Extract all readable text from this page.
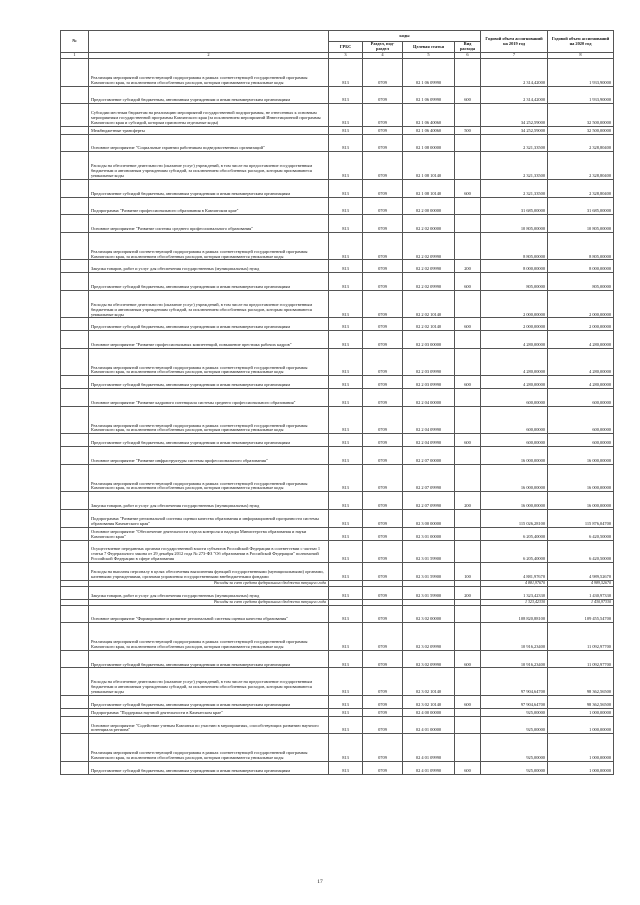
№		коды				Годовой объем ассигнований на 2019 год	Годовой объем ассигнований на 2020 год
		ГРБС	Раздел, под-раздел	Целевая статья	Вид расхода		
1	2	3	4	5	6	7	8
	Реализация мероприятий соответствующей подпрограммы в рамках соответствующей государственной программы Камчатского края, за исключением обособленных расходов, которым присваиваются уникальные коды	813	0709	02 1 06 09990		2 314,42000	1 933,90000
	Предоставление субсидий бюджетным, автономным учреждениям и иным некоммерческим организациям	813	0709	02 1 06 09990	600	2 314,42000	1 933,90000
	Субсидии местным бюджетам на реализацию мероприятий государственной подпрограммы, не отнесенных к основным мероприятиям государственной программы Камчатского края (за исключением мероприятий Инвестиционной программы Камчатского края и субсидий, которым присвоены отдельные коды)	813	0709	02 1 06 40060		34 252,59000	32 500,00000
	Межбюджетные трансферты	813	0709	02 1 06 40060	500	34 252,59000	32 500,00000
	Основное мероприятие "Социальные гарантии работникам подведомственных организаций"	813	0709	02 1 08 00000		2 321,33500	2 328,80400
	Расходы на обеспечение деятельности (оказание услуг) учреждений, в том числе на предоставление государственным бюджетным и автономным учреждениям субсидий, за исключением обособленных расходов, которым присваиваются уникальные коды	813	0709	02 1 08 10140		2 321,33500	2 328,80400
	Предоставление субсидий бюджетным, автономным учреждениям и иным некоммерческим организациям	813	0709	02 1 08 10140	600	2 321,33500	2 328,80400
	Подпрограмма "Развитие профессионального образования в Камчатском крае"	813	0709	02 2 00 00000		31 685,00000	31 685,00000
	Основное мероприятие "Развитие системы среднего профессионального образования"	813	0709	02 2 02 00000		10 805,00000	10 805,00000
	Реализация мероприятий соответствующей подпрограммы в рамках соответствующей государственной программы Камчатского края, за исключением обособленных расходов, которым присваиваются уникальные коды	813	0709	02 2 02 09990		8 805,00000	8 805,00000
	Закупка товаров, работ и услуг для обеспечения государственных (муниципальных) нужд	813	0709	02 2 02 09990	200	8 000,00000	8 000,00000
	Предоставление субсидий бюджетным, автономным учреждениям и иным некоммерческим организациям	813	0709	02 2 02 09990	600	805,00000	805,00000
	Расходы на обеспечение деятельности (оказание услуг) учреждений, в том числе на предоставление государственным бюджетным и автономным учреждениям субсидий, за исключением обособленных расходов, которым присваиваются уникальные коды	813	0709	02 2 02 10140		2 000,00000	2 000,00000
	Предоставление субсидий бюджетным, автономным учреждениям и иным некоммерческим организациям	813	0709	02 2 02 10140	600	2 000,00000	2 000,00000
	Основное мероприятие "Развитие профессиональных компетенций, повышение престижа рабочих кадров"	813	0709	02 2 03 00000		4 280,00000	4 280,00000
	Реализация мероприятий соответствующей подпрограммы в рамках соответствующей государственной программы Камчатского края, за исключением обособленных расходов, которым присваиваются уникальные коды	813	0709	02 2 03 09990		4 280,00000	4 280,00000
	Предоставление субсидий бюджетным, автономным учреждениям и иным некоммерческим организациям	813	0709	02 2 03 09990	600	4 280,00000	4 280,00000
	Основное мероприятие "Развитие кадрового потенциала системы среднего профессионального образования"	813	0709	02 2 04 00000		600,00000	600,00000
	Реализация мероприятий соответствующей подпрограммы в рамках соответствующей государственной программы Камчатского края, за исключением обособленных расходов, которым присваиваются уникальные коды	813	0709	02 2 04 09990		600,00000	600,00000
	Предоставление субсидий бюджетным, автономным учреждениям и иным некоммерческим организациям	813	0709	02 2 04 09990	600	600,00000	600,00000
	Основное мероприятие "Развитие инфраструктуры системы профессионального образования"	813	0709	02 2 07 00000		16 000,00000	16 000,00000
	Реализация мероприятий соответствующей подпрограммы в рамках соответствующей государственной программы Камчатского края, за исключением обособленных расходов, которым присваиваются уникальные коды	813	0709	02 2 07 09990		16 000,00000	16 000,00000
	Закупка товаров, работ и услуг для обеспечения государственных (муниципальных) нужд	813	0709	02 2 07 09990	200	16 000,00000	16 000,00000
	Подпрограмма "Развитие региональной системы оценки качества образования и информационной прозрачности системы образования Камчатского края"	813	0709	02 3 00 00000		115 026,28100	115 876,04700
	Основное мероприятие "Обеспечение деятельности отдела контроля и надзора Министерства образования и науки Камчатского края"	813	0709	02 3 01 00000		6 205,40000	6 420,50000
	Осуществление переданных органам государственной власти субъектов Российской Федерации в соответствии с частью 1 статьи 7 Федерального закона от 29 декабря 2012 года № 273-ФЗ "Об образовании в Российской Федерации" полномочий Российской Федерации в сфере образования	813	0709	02 3 01 59900		6 205,40000	6 420,50000
	Расходы на выплаты персоналу в целях обеспечения выполнения функций государственными (муниципальными) органами, казенными учреждениями, органами управления государственными внебюджетными фондами	813	0709	02 3 01 59900	100	4 881,97670	4 989,52670
	Расходы за счет средств федерального бюджета текущего года					4 881,97670	4 989,52670
	Закупка товаров, работ и услуг для обеспечения государственных (муниципальных) нужд	813	0709	02 3 01 59900	200	1 323,42330	1 430,97330
	Расходы за счет средств федерального бюджета текущего года					1 323,42330	1 430,97330
	Основное мероприятие "Формирование и развитие региональной системы оценки качества образования"	813	0709	02 3 02 00000		108 820,88100	109 455,54700
	Реализация мероприятий соответствующей подпрограммы в рамках соответствующей государственной программы Камчатского края, за исключением обособленных расходов, которым присваиваются уникальные коды	813	0709	02 3 02 09990		10 916,23400	11 092,97700
	Предоставление субсидий бюджетным, автономным учреждениям и иным некоммерческим организациям	813	0709	02 3 02 09990	600	10 916,23400	11 092,97700
	Расходы на обеспечение деятельности (оказание услуг) учреждений, в том числе на предоставление государственным бюджетным и автономным учреждениям субсидий, за исключением обособленных расходов, которым присваиваются уникальные коды	813	0709	02 3 02 10140		97 904,64700	98 362,56500
	Предоставление субсидий бюджетным, автономным учреждениям и иным некоммерческим организациям	813	0709	02 3 02 10140	600	97 904,64700	98 362,56500
	Подпрограмма "Поддержка научной деятельности в Камчатском крае"	813	0709	02 4 00 00000		925,00000	1 000,00000
	Основное мероприятие "Содействие ученым Камчатки по участию в мероприятиях, способствующих развитию научного потенциала региона"	813	0709	02 4 01 00000		925,00000	1 000,00000
	Реализация мероприятий соответствующей подпрограммы в рамках соответствующей государственной программы Камчатского края, за исключением обособленных расходов, которым присваиваются уникальные коды	813	0709	02 4 01 09990		925,00000	1 000,00000
	Предоставление субсидий бюджетным, автономным учреждениям и иным некоммерческим организациям	813	0709	02 4 01 09990	600	925,00000	1 000,00000
17
